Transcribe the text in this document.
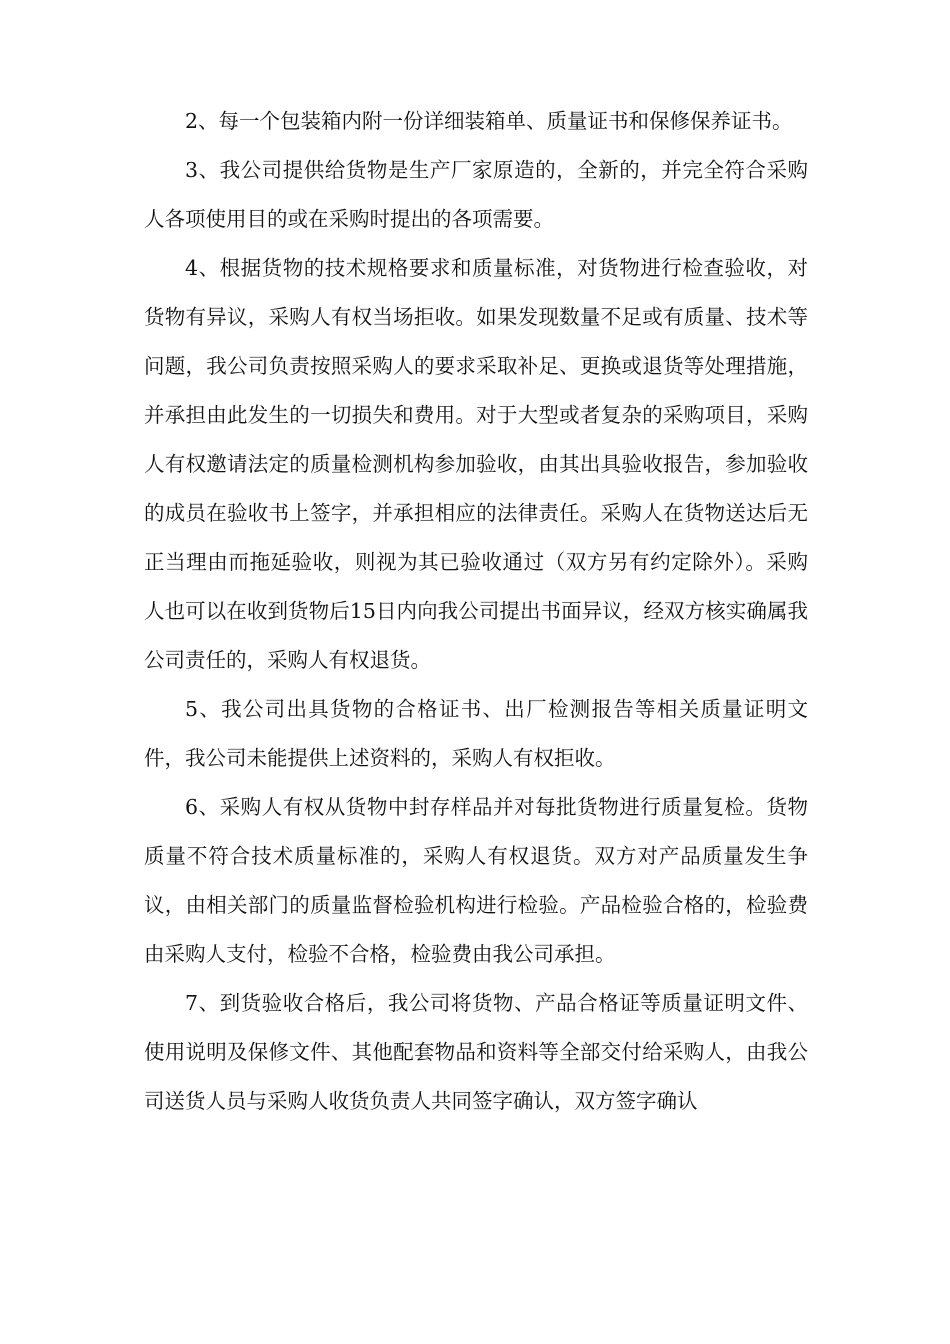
2、每一个包装箱内附一份详细装箱单、质量证书和保修保养证书。

3、我公司提供给货物是生产厂家原造的，全新的，并完全符合采购人各项使用目的或在采购时提出的各项需要。

4、根据货物的技术规格要求和质量标准，对货物进行检查验收，对货物有异议，采购人有权当场拒收。如果发现数量不足或有质量、技术等问题，我公司负责按照采购人的要求采取补足、更换或退货等处理措施，并承担由此发生的一切损失和费用。对于大型或者复杂的采购项目，采购人有权邀请法定的质量检测机构参加验收，由其出具验收报告，参加验收的成员在验收书上签字，并承担相应的法律责任。采购人在货物送达后无正当理由而拖延验收，则视为其已验收通过（双方另有约定除外）。采购人也可以在收到货物后15日内向我公司提出书面异议，经双方核实确属我公司责任的，采购人有权退货。

5、我公司出具货物的合格证书、出厂检测报告等相关质量证明文件，我公司未能提供上述资料的，采购人有权拒收。

6、采购人有权从货物中封存样品并对每批货物进行质量复检。货物质量不符合技术质量标准的，采购人有权退货。双方对产品质量发生争议，由相关部门的质量监督检验机构进行检验。产品检验合格的，检验费由采购人支付，检验不合格，检验费由我公司承担。

7、到货验收合格后，我公司将货物、产品合格证等质量证明文件、使用说明及保修文件、其他配套物品和资料等全部交付给采购人，由我公司送货人员与采购人收货负责人共同签字确认，双方签字确认
